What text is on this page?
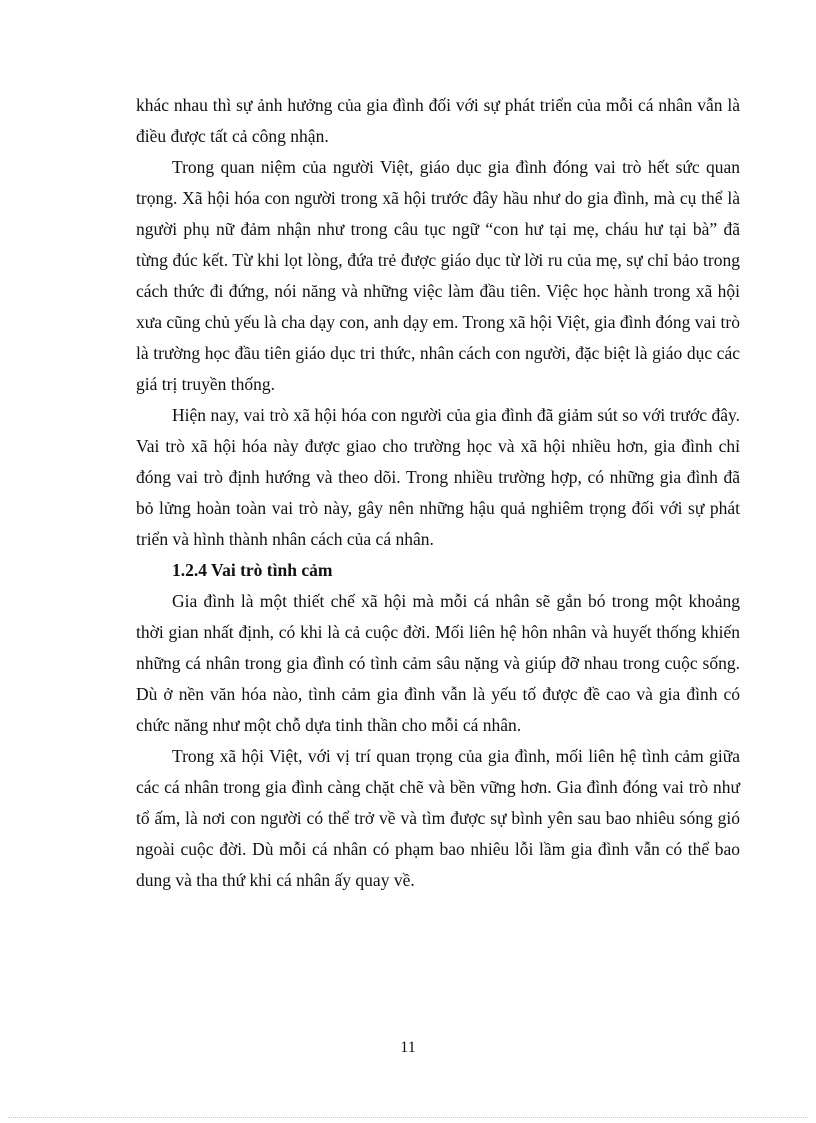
khác nhau thì sự ảnh hưởng của gia đình đối với sự phát triển của mỗi cá nhân vẫn là điều được tất cả công nhận.

Trong quan niệm của người Việt, giáo dục gia đình đóng vai trò hết sức quan trọng. Xã hội hóa con người trong xã hội trước đây hầu như do gia đình, mà cụ thể là người phụ nữ đảm nhận như trong câu tục ngữ “con hư tại mẹ, cháu hư tại bà” đã từng đúc kết. Từ khi lọt lòng, đứa trẻ được giáo dục từ lời ru của mẹ, sự chỉ bảo trong cách thức đi đứng, nói năng và những việc làm đầu tiên. Việc học hành trong xã hội xưa cũng chủ yếu là cha dạy con, anh dạy em. Trong xã hội Việt, gia đình đóng vai trò là trường học đầu tiên giáo dục tri thức, nhân cách con người, đặc biệt là giáo dục các giá trị truyền thống.

Hiện nay, vai trò xã hội hóa con người của gia đình đã giảm sút so với trước đây. Vai trò xã hội hóa này được giao cho trường học và xã hội nhiều hơn, gia đình chỉ đóng vai trò định hướng và theo dõi. Trong nhiều trường hợp, có những gia đình đã bỏ lửng hoàn toàn vai trò này, gây nên những hậu quả nghiêm trọng đối với sự phát triển và hình thành nhân cách của cá nhân.

1.2.4 Vai trò tình cảm

Gia đình là một thiết chế xã hội mà mỗi cá nhân sẽ gắn bó trong một khoảng thời gian nhất định, có khi là cả cuộc đời. Mối liên hệ hôn nhân và huyết thống khiến những cá nhân trong gia đình có tình cảm sâu nặng và giúp đỡ nhau trong cuộc sống. Dù ở nền văn hóa nào, tình cảm gia đình vẫn là yếu tố được đề cao và gia đình có chức năng như một chỗ dựa tinh thần cho mỗi cá nhân.

Trong xã hội Việt, với vị trí quan trọng của gia đình, mối liên hệ tình cảm giữa các cá nhân trong gia đình càng chặt chẽ và bền vững hơn. Gia đình đóng vai trò như tổ ấm, là nơi con người có thể trở về và tìm được sự bình yên sau bao nhiêu sóng gió ngoài cuộc đời. Dù mỗi cá nhân có phạm bao nhiêu lỗi lầm gia đình vẫn có thể bao dung và tha thứ khi cá nhân ấy quay về.

11
